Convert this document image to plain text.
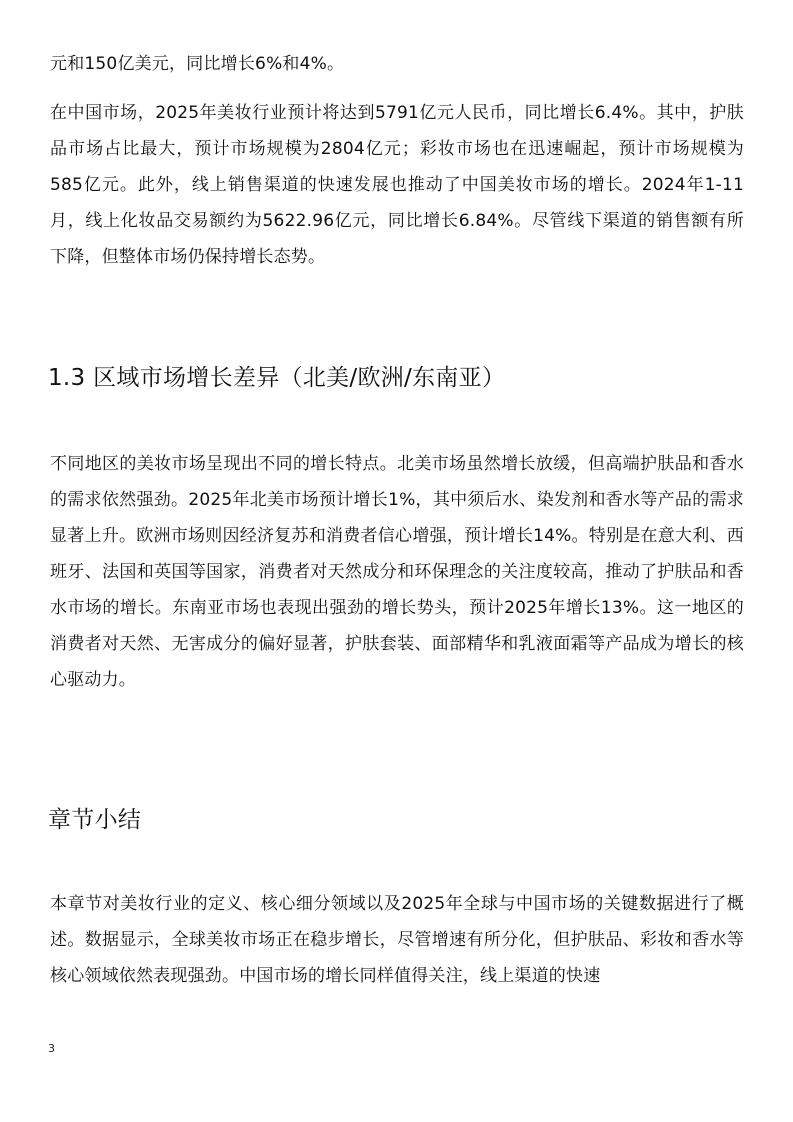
元和150亿美元，同比增长6%和4%。

在中国市场，2025年美妆行业预计将达到5791亿元人民币，同比增长6.4%。其中，护肤品市场占比最大，预计市场规模为2804亿元；彩妆市场也在迅速崛起，预计市场规模为585亿元。此外，线上销售渠道的快速发展也推动了中国美妆市场的增长。2024年1-11月，线上化妆品交易额约为5622.96亿元，同比增长6.84%。尽管线下渠道的销售额有所下降，但整体市场仍保持增长态势。

1.3 区域市场增长差异（北美/欧洲/东南亚）

不同地区的美妆市场呈现出不同的增长特点。北美市场虽然增长放缓，但高端护肤品和香水的需求依然强劲。2025年北美市场预计增长1%，其中须后水、染发剂和香水等产品的需求显著上升。欧洲市场则因经济复苏和消费者信心增强，预计增长14%。特别是在意大利、西班牙、法国和英国等国家，消费者对天然成分和环保理念的关注度较高，推动了护肤品和香水市场的增长。东南亚市场也表现出强劲的增长势头，预计2025年增长13%。这一地区的消费者对天然、无害成分的偏好显著，护肤套装、面部精华和乳液面霜等产品成为增长的核心驱动力。

章节小结

本章节对美妆行业的定义、核心细分领域以及2025年全球与中国市场的关键数据进行了概述。数据显示，全球美妆市场正在稳步增长，尽管增速有所分化，但护肤品、彩妆和香水等核心领域依然表现强劲。中国市场的增长同样值得关注，线上渠道的快速

3
